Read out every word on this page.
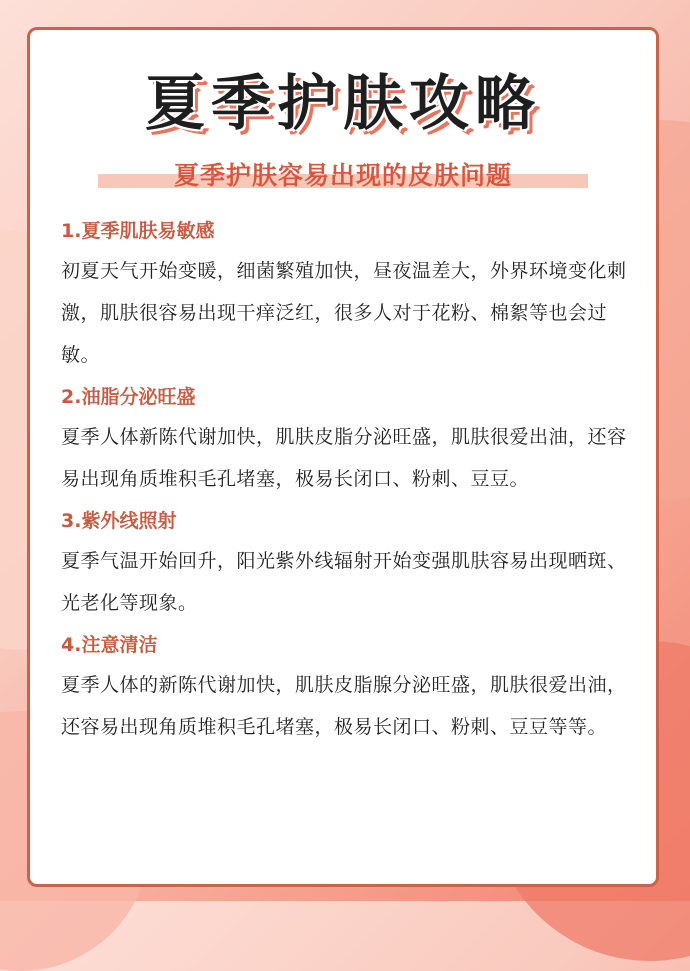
夏季护肤攻略
夏季护肤容易出现的皮肤问题
1.夏季肌肤易敏感
初夏天气开始变暖，细菌繁殖加快，昼夜温差大，外界环境变化刺激，肌肤很容易出现干痒泛红，很多人对于花粉、棉絮等也会过敏。
2.油脂分泌旺盛
夏季人体新陈代谢加快，肌肤皮脂分泌旺盛，肌肤很爱出油，还容易出现角质堆积毛孔堵塞，极易长闭口、粉刺、豆豆。
3.紫外线照射
夏季气温开始回升，阳光紫外线辐射开始变强肌肤容易出现晒斑、光老化等现象。
4.注意清洁
夏季人体的新陈代谢加快，肌肤皮脂腺分泌旺盛，肌肤很爱出油，还容易出现角质堆积毛孔堵塞，极易长闭口、粉刺、豆豆等等。
